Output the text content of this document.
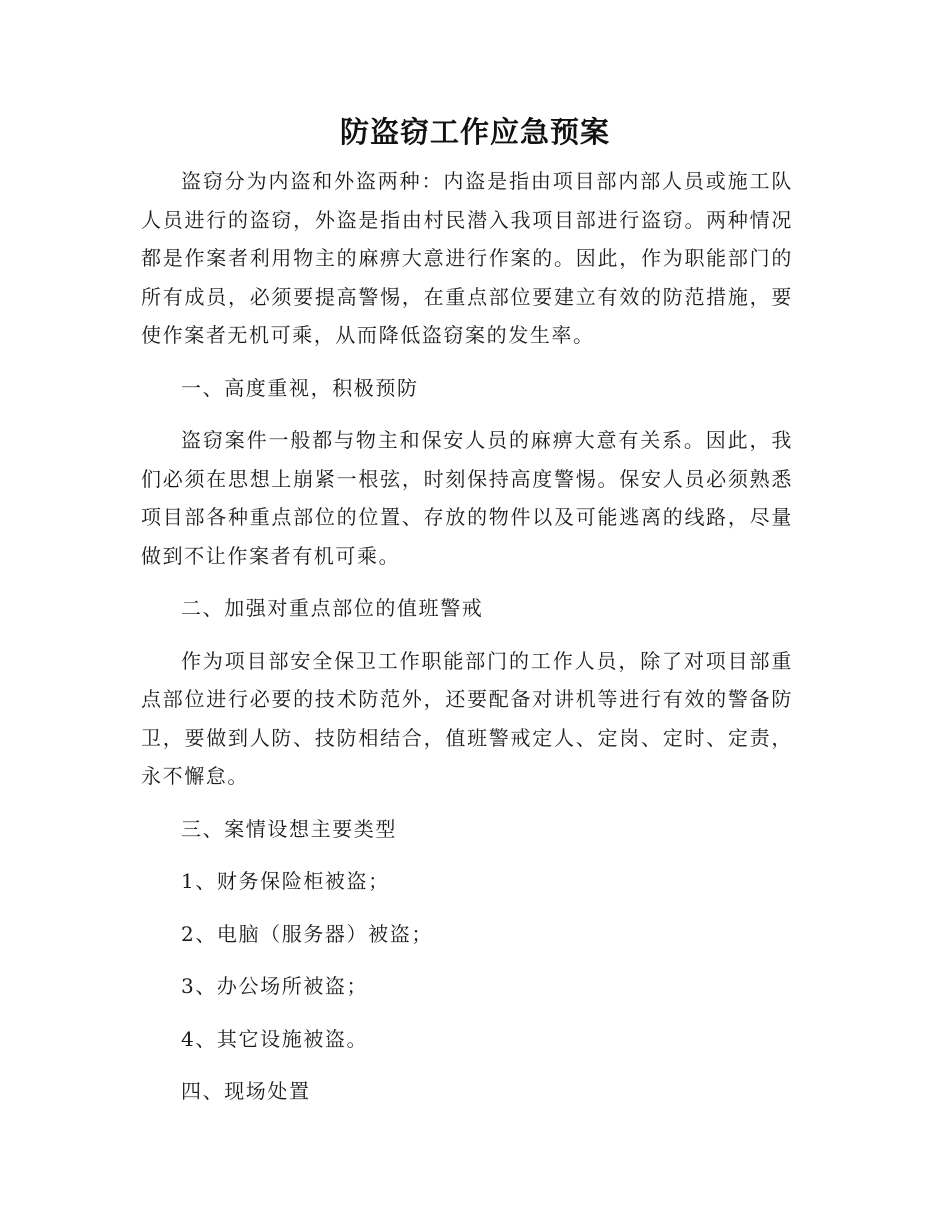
防盗窃工作应急预案

盗窃分为内盗和外盗两种：内盗是指由项目部内部人员或施工队人员进行的盗窃，外盗是指由村民潜入我项目部进行盗窃。两种情况都是作案者利用物主的麻痹大意进行作案的。因此，作为职能部门的所有成员，必须要提高警惕，在重点部位要建立有效的防范措施，要使作案者无机可乘，从而降低盗窃案的发生率。

一、高度重视，积极预防

盗窃案件一般都与物主和保安人员的麻痹大意有关系。因此，我们必须在思想上崩紧一根弦，时刻保持高度警惕。保安人员必须熟悉项目部各种重点部位的位置、存放的物件以及可能逃离的线路，尽量做到不让作案者有机可乘。

二、加强对重点部位的值班警戒

作为项目部安全保卫工作职能部门的工作人员，除了对项目部重点部位进行必要的技术防范外，还要配备对讲机等进行有效的警备防卫，要做到人防、技防相结合，值班警戒定人、定岗、定时、定责，永不懈怠。

三、案情设想主要类型

1、财务保险柜被盗；

2、电脑（服务器）被盗；

3、办公场所被盗；

4、其它设施被盗。

四、现场处置
